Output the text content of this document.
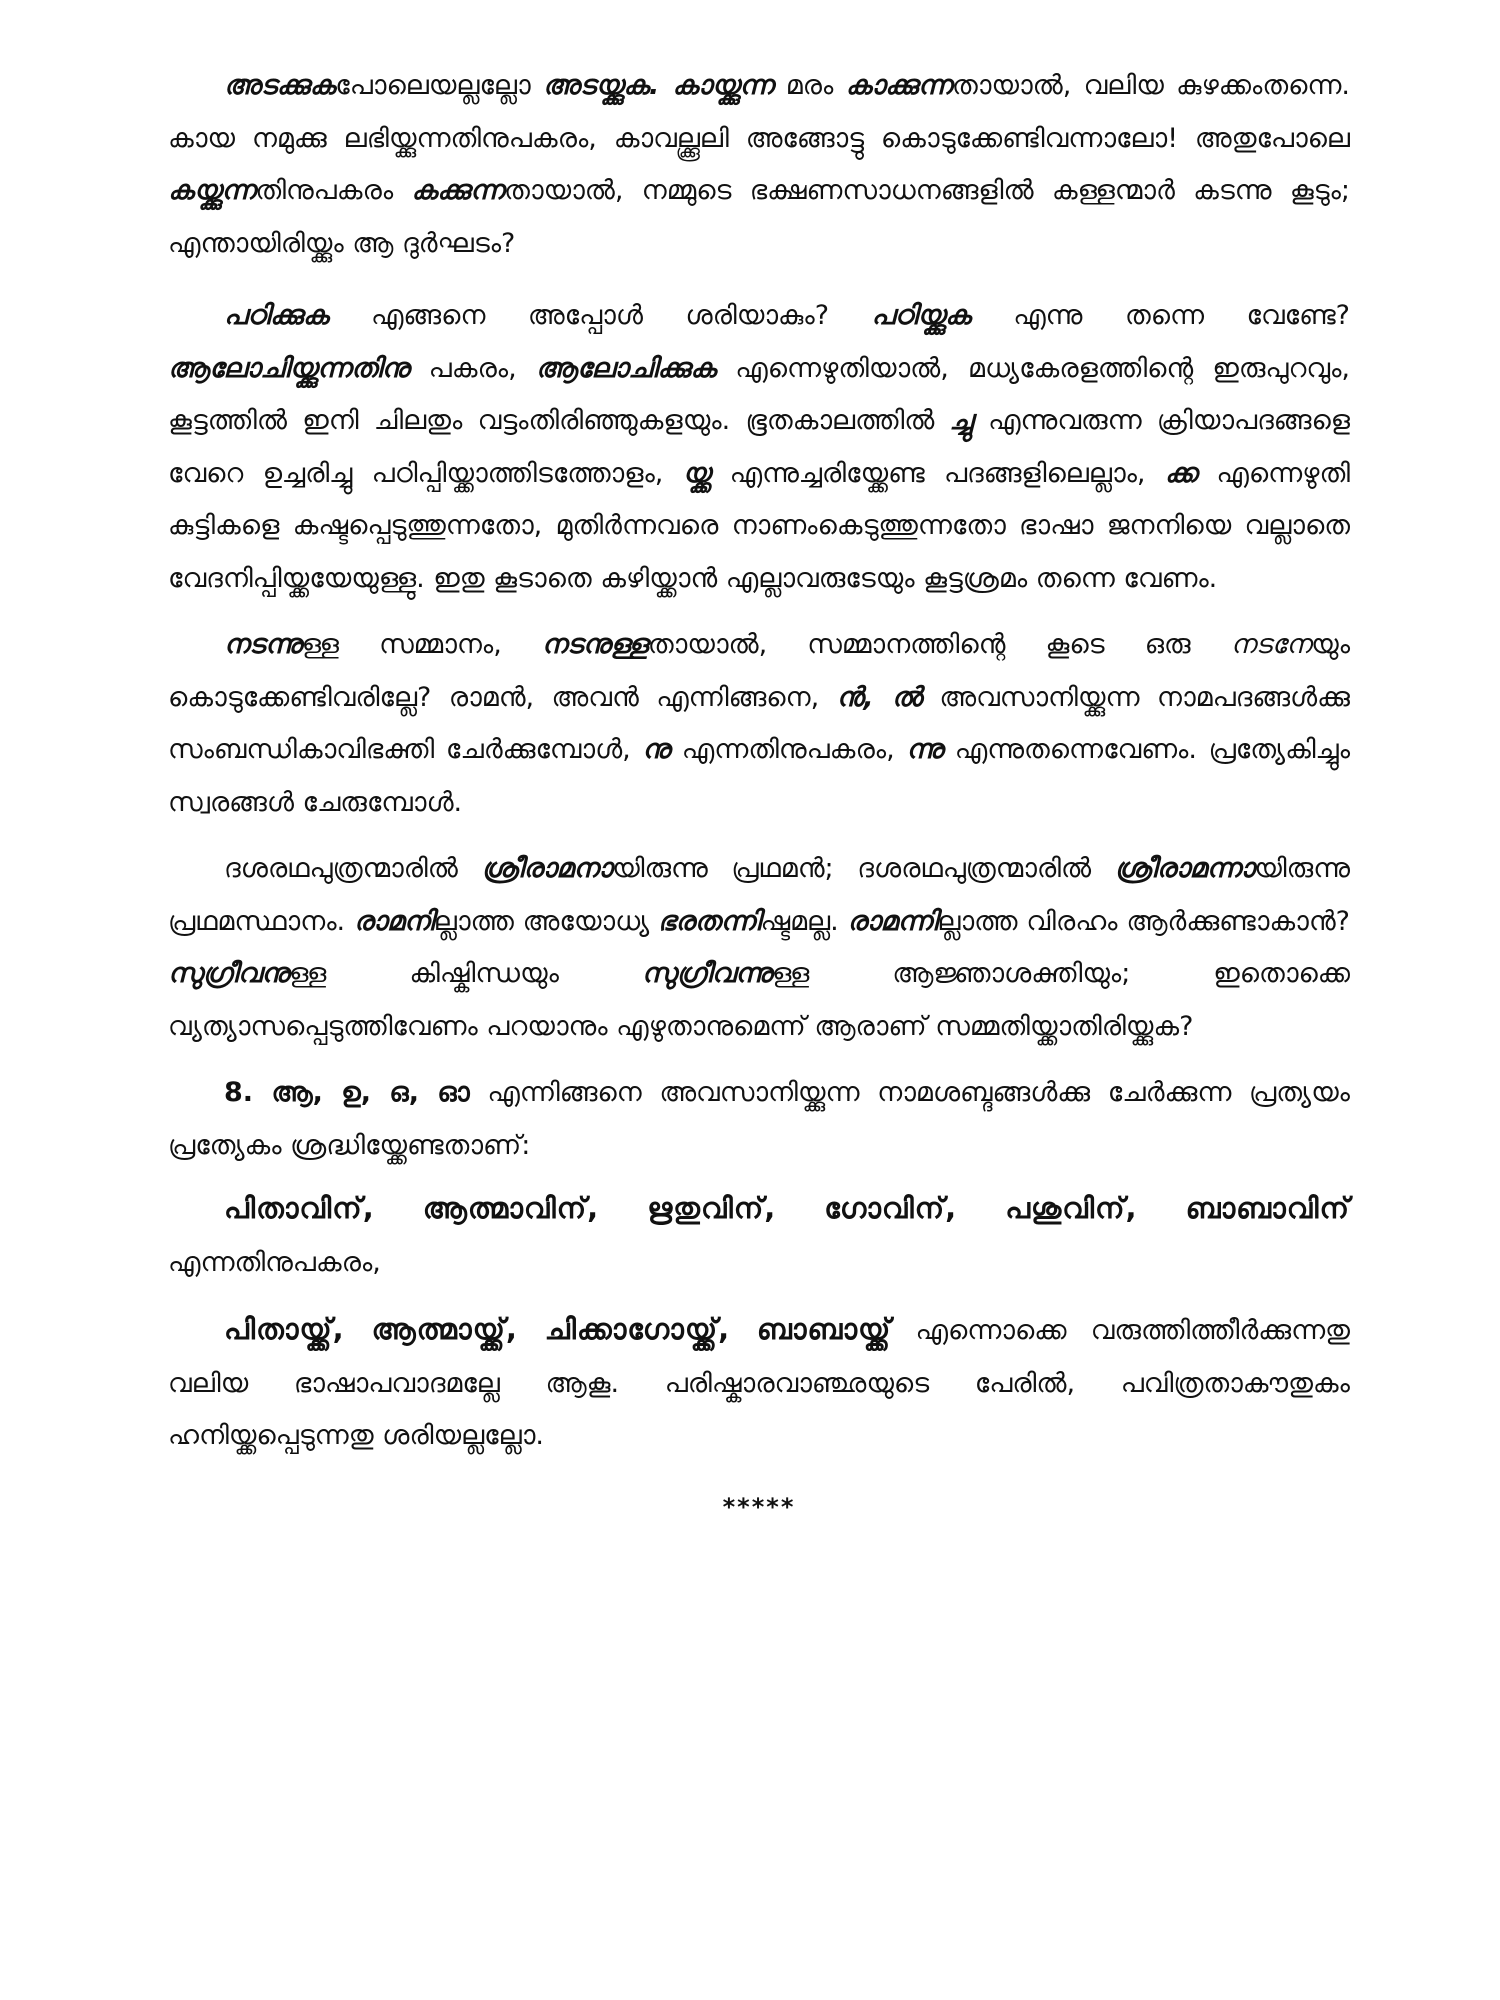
അടക്കുകപോലെയല്ലല്ലോ അടയ്ക്കുക. കായ്ക്കുന്ന മരം കാക്കുന്നതായാൽ, വലിയ കുഴക്കംതന്നെ. കായ നമുക്കു ലഭിയ്ക്കുന്നതിനുപകരം, കാവല്ക്കൂലി അങ്ങോട്ടു കൊടുക്കേണ്ടിവന്നാലോ! അതുപോലെ കയ്ക്കുന്നതിനുപകരം കക്കുന്നതായാൽ, നമ്മുടെ ഭക്ഷണസാധനങ്ങളിൽ കള്ളന്മാർ കടന്നു കൂടും; എന്തായിരിയ്ക്കും ആ ദുർഘടം?

പഠിക്കുക എങ്ങനെ അപ്പോൾ ശരിയാകും? പഠിയ്ക്കുക എന്നു തന്നെ വേണ്ടേ? ആലോചിയ്ക്കുന്നതിനു പകരം, ആലോചിക്കുക എന്നെഴുതിയാൽ, മധ്യകേരളത്തിന്റെ ഇരുപുറവും, കൂട്ടത്തിൽ ഇനി ചിലതും വട്ടംതിരിഞ്ഞുകളയും. ഭൂതകാലത്തിൽ ച്ചു എന്നുവരുന്ന ക്രിയാപദങ്ങളെ വേറെ ഉച്ചരിച്ചു പഠിപ്പിയ്ക്കാത്തിടത്തോളം, യ്ക്ക എന്നുച്ചരിയ്ക്കേണ്ട പദങ്ങളിലെല്ലാം, ക്ക എന്നെഴുതി കുട്ടികളെ കഷ്ടപ്പെടുത്തുന്നതോ, മുതിർന്നവരെ നാണംകെടുത്തുന്നതോ ഭാഷാ ജനനിയെ വല്ലാതെ വേദനിപ്പിയ്ക്കയേയുള്ളു. ഇതു കൂടാതെ കഴിയ്ക്കാൻ എല്ലാവരുടേയും കൂട്ടശ്രമം തന്നെ വേണം.

നടന്നുള്ള സമ്മാനം, നടനുള്ളതായാൽ, സമ്മാനത്തിന്റെ കൂടെ ഒരു നടനേയും കൊടുക്കേണ്ടിവരില്ലേ? രാമൻ, അവൻ എന്നിങ്ങനെ, ൻ, ൽ അവസാനിയ്ക്കുന്ന നാമപദങ്ങൾക്കു സംബന്ധികാവിഭക്തി ചേർക്കുമ്പോൾ, നു എന്നതിനുപകരം, ന്നു എന്നുതന്നെവേണം. പ്രത്യേകിച്ചും സ്വരങ്ങൾ ചേരുമ്പോൾ.

ദശരഥപുത്രന്മാരിൽ ശ്രീരാമനായിരുന്നു പ്രഥമൻ; ദശരഥപുത്രന്മാരിൽ ശ്രീരാമന്നായിരുന്നു പ്രഥമസ്ഥാനം. രാമനില്ലാത്ത അയോധ്യ ഭരതന്നിഷ്ടമല്ല. രാമന്നില്ലാത്ത വിരഹം ആർക്കുണ്ടാകാൻ? സുഗ്രീവനുള്ള കിഷ്കിന്ധയും സുഗ്രീവന്നുള്ള ആജ്ഞാശക്തിയും; ഇതൊക്കെ വ്യത്യാസപ്പെടുത്തിവേണം പറയാനും എഴുതാനുമെന്ന് ആരാണ് സമ്മതിയ്ക്കാതിരിയ്ക്കുക?

8. ആ, ഉ, ഒ, ഓ എന്നിങ്ങനെ അവസാനിയ്ക്കുന്ന നാമശബ്ദങ്ങൾക്കു ചേർക്കുന്ന പ്രത്യയം പ്രത്യേകം ശ്രദ്ധിയ്ക്കേണ്ടതാണ്:

പിതാവിന്, ആത്മാവിന്, ഋതുവിന്, ഗോവിന്, പശുവിന്, ബാബാവിന് എന്നതിനുപകരം,

പിതായ്ക്ക്, ആത്മായ്ക്ക്, ചിക്കാഗോയ്ക്ക്, ബാബായ്ക്ക് എന്നൊക്കെ വരുത്തിത്തീർക്കുന്നതു വലിയ ഭാഷാപവാദമല്ലേ ആകൂ. പരിഷ്കാരവാഞ്ഛയുടെ പേരിൽ, പവിത്രതാകൗതുകം ഹനിയ്ക്കപ്പെടുന്നതു ശരിയല്ലല്ലോ.

*****
